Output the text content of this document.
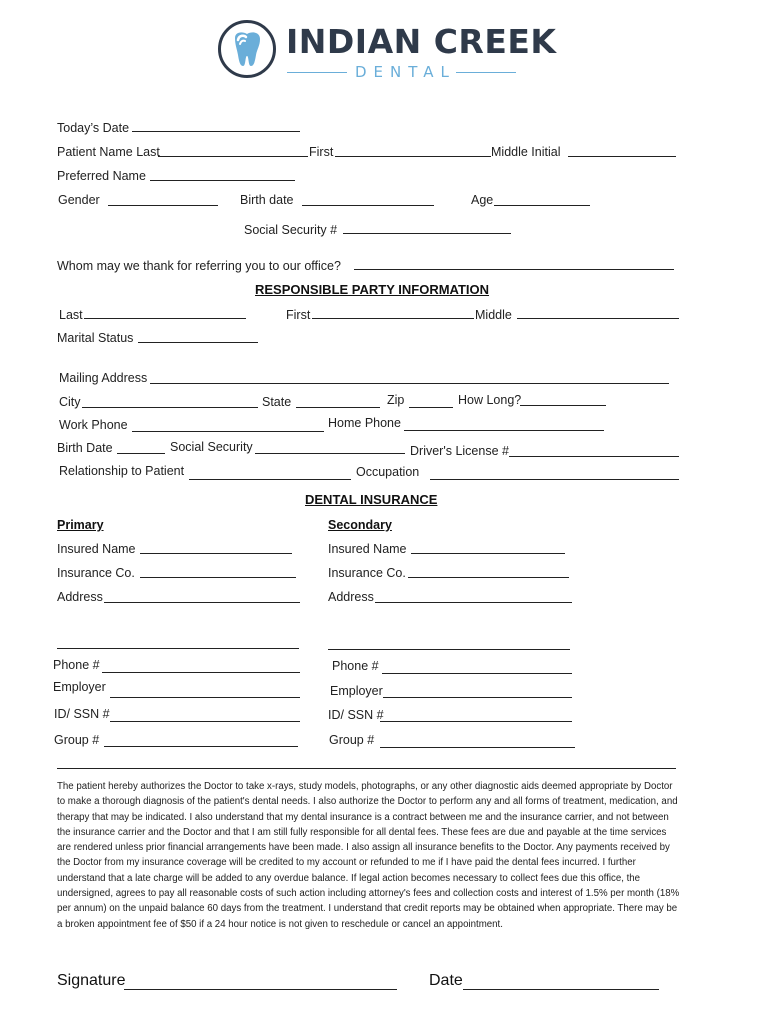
INDIAN CREEK
DENTAL
Today’s Date
Patient Name Last	First	Middle Initial
Preferred Name
Gender	Birth date	Age
Social Security #
Whom may we thank for referring you to our office?
RESPONSIBLE PARTY INFORMATION
Last	First	Middle
Marital Status
Mailing Address
City	State	Zip	How Long?
Work Phone	Home Phone
Birth Date	Social Security	Driver's License #
Relationship to Patient	Occupation
DENTAL INSURANCE
Primary
Insured Name
Insurance Co.
Address
Phone #
Employer
ID/ SSN #
Group #
Secondary
Insured Name
Insurance Co.
Address
Phone #
Employer
ID/ SSN #
Group #
The patient hereby authorizes the Doctor to take x-rays, study models, photographs, or any other diagnostic aids deemed appropriate by Doctor to make a thorough diagnosis of the patient's dental needs. I also authorize the Doctor to perform any and all forms of treatment, medication, and therapy that may be indicated. I also understand that my dental insurance is a contract between me and the insurance carrier, and not between the insurance carrier and the Doctor and that I am still fully responsible for all dental fees. These fees are due and payable at the time services are rendered unless prior financial arrangements have been made. I also assign all insurance benefits to the Doctor. Any payments received by the Doctor from my insurance coverage will be credited to my account or refunded to me if I have paid the dental fees incurred. I further understand that a late charge will be added to any overdue balance. If legal action becomes necessary to collect fees due this office, the undersigned, agrees to pay all reasonable costs of such action including attorney's fees and collection costs and interest of 1.5% per month (18% per annum) on the unpaid balance 60 days from the treatment. I understand that credit reports may be obtained when appropriate. There may be a broken appointment fee of $50 if a 24 hour notice is not given to reschedule or cancel an appointment.
Signature	Date
